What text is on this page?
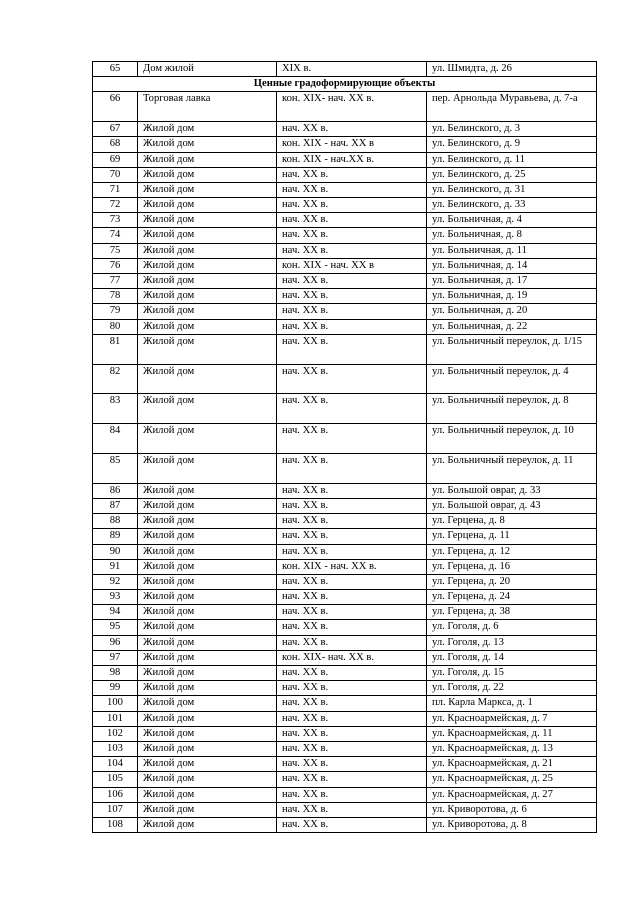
65	Дом жилой	XIX в.	ул. Шмидта, д. 26
Ценные градоформирующие объекты			
66	Торговая лавка	кон. XIX- нач. XX в.	пер. Арнольда Муравьева, д. 7-а
67	Жилой дом	нач. XX в.	ул. Белинского, д. 3
68	Жилой дом	кон. XIX - нач. XX в	ул. Белинского, д. 9
69	Жилой дом	кон. XIX - нач.XX в.	ул. Белинского, д. 11
70	Жилой дом	нач. XX в.	ул. Белинского, д. 25
71	Жилой дом	нач. XX в.	ул. Белинского, д. 31
72	Жилой дом	нач. XX в.	ул. Белинского, д. 33
73	Жилой дом	нач. XX в.	ул. Больничная, д. 4
74	Жилой дом	нач. XX в.	ул. Больничная, д. 8
75	Жилой дом	нач. XX в.	ул. Больничная, д. 11
76	Жилой дом	кон. XIX - нач. XX в	ул. Больничная, д. 14
77	Жилой дом	нач. XX в.	ул. Больничная, д. 17
78	Жилой дом	нач. XX в.	ул. Больничная, д. 19
79	Жилой дом	нач. XX в.	ул. Больничная, д. 20
80	Жилой дом	нач. XX в.	ул. Больничная, д. 22
81	Жилой дом	нач. XX в.	ул. Больничный переулок, д. 1/15
82	Жилой дом	нач. XX в.	ул. Больничный переулок, д. 4
83	Жилой дом	нач. XX в.	ул. Больничный переулок, д. 8
84	Жилой дом	нач. XX в.	ул. Больничный переулок, д. 10
85	Жилой дом	нач. XX в.	ул. Больничный переулок, д. 11
86	Жилой дом	нач. XX в.	ул. Большой овраг, д. 33
87	Жилой дом	нач. XX в.	ул. Большой овраг, д. 43
88	Жилой дом	нач. XX в.	ул. Герцена, д. 8
89	Жилой дом	нач. XX в.	ул. Герцена, д. 11
90	Жилой дом	нач. XX в.	ул. Герцена, д. 12
91	Жилой дом	кон. XIX - нач. XX в.	ул. Герцена, д. 16
92	Жилой дом	нач. XX в.	ул. Герцена, д. 20
93	Жилой дом	нач. XX в.	ул. Герцена, д. 24
94	Жилой дом	нач. XX в.	ул. Герцена, д. 38
95	Жилой дом	нач. XX в.	ул. Гоголя, д. 6
96	Жилой дом	нач. XX в.	ул. Гоголя, д. 13
97	Жилой дом	кон. XIX- нач. XX в.	ул. Гоголя, д. 14
98	Жилой дом	нач. XX в.	ул. Гоголя, д. 15
99	Жилой дом	нач. XX в.	ул. Гоголя, д. 22
100	Жилой дом	нач. XX в.	пл. Карла Маркса, д. 1
101	Жилой дом	нач. XX в.	ул. Красноармейская, д. 7
102	Жилой дом	нач. XX в.	ул. Красноармейская, д. 11
103	Жилой дом	нач. XX в.	ул. Красноармейская, д. 13
104	Жилой дом	нач. XX в.	ул. Красноармейская, д. 21
105	Жилой дом	нач. XX в.	ул. Красноармейская, д. 25
106	Жилой дом	нач. XX в.	ул. Красноармейская, д. 27
107	Жилой дом	нач. XX в.	ул. Криворотова, д. 6
108	Жилой дом	нач. XX в.	ул. Криворотова, д. 8
